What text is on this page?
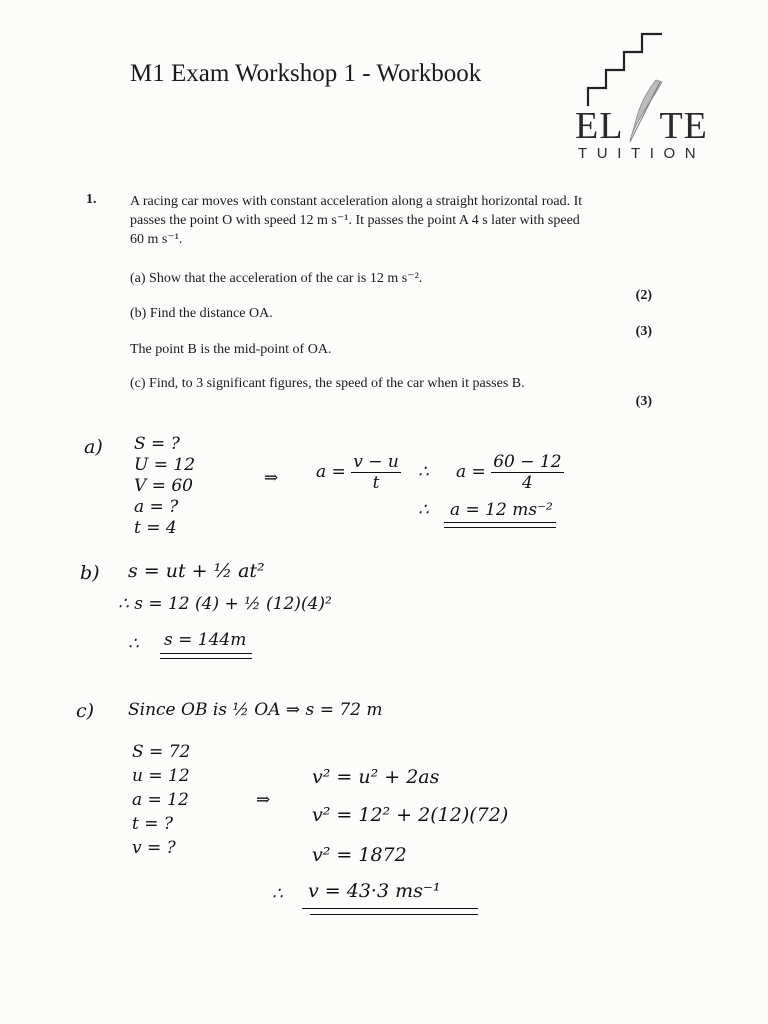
M1 Exam Workshop 1 - Workbook
EL TE
TUITION
1. A racing car moves with constant acceleration along a straight horizontal road. It
passes the point O with speed 12 m s⁻¹. It passes the point A 4 s later with speed
60 m s⁻¹.
(a) Show that the acceleration of the car is 12 m s⁻².
(2)
(b) Find the distance OA.
(3)
The point B is the mid-point of OA.
(c) Find, to 3 significant figures, the speed of the car when it passes B.
(3)
a) S = ?
U = 12
V = 60
a = ?
t = 4
⇒ $a = \frac{v - u}{t}$ ∴ $a = \frac{60 - 12}{4}$
∴ a = 12 ms⁻²
b) s = ut + ½ at²
∴ s = 12 (4) + ½ (12)(4)²
∴ s = 144m
c) Since OB is ½ OA ⇒ s = 72 m
S = 72
u = 12
a = 12
t = ?
v = ?
⇒
v² = u² + 2as
v² = 12² + 2(12)(72)
v² = 1872
∴ v = 43·3 ms⁻¹
